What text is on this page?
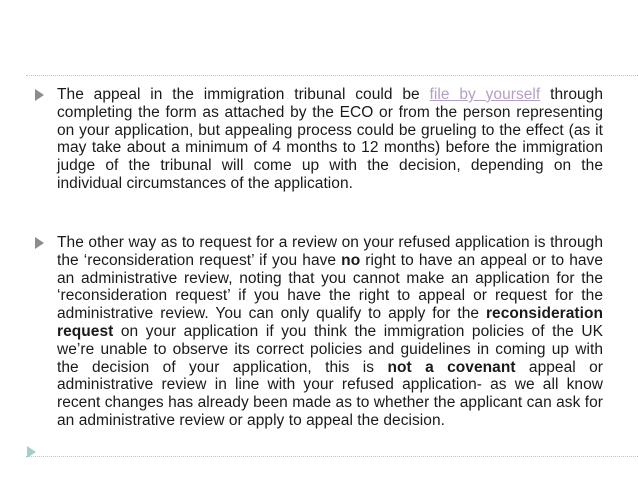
The appeal in the immigration tribunal could be file by yourself through completing the form as attached by the ECO or from the person representing on your application, but appealing process could be grueling to the effect (as it may take about a minimum of 4 months to 12 months) before the immigration judge of the tribunal will come up with the decision, depending on the individual circumstances of the application.
The other way as to request for a review on your refused application is through the ‘reconsideration request’ if you have no right to have an appeal or to have an administrative review, noting that you cannot make an application for the ‘reconsideration request’ if you have the right to appeal or request for the administrative review. You can only qualify to apply for the reconsideration request on your application if you think the immigration policies of the UK we’re unable to observe its correct policies and guidelines in coming up with the decision of your application, this is not a covenant appeal or administrative review in line with your refused application- as we all know recent changes has already been made as to whether the applicant can ask for an administrative review or apply to appeal the decision.
